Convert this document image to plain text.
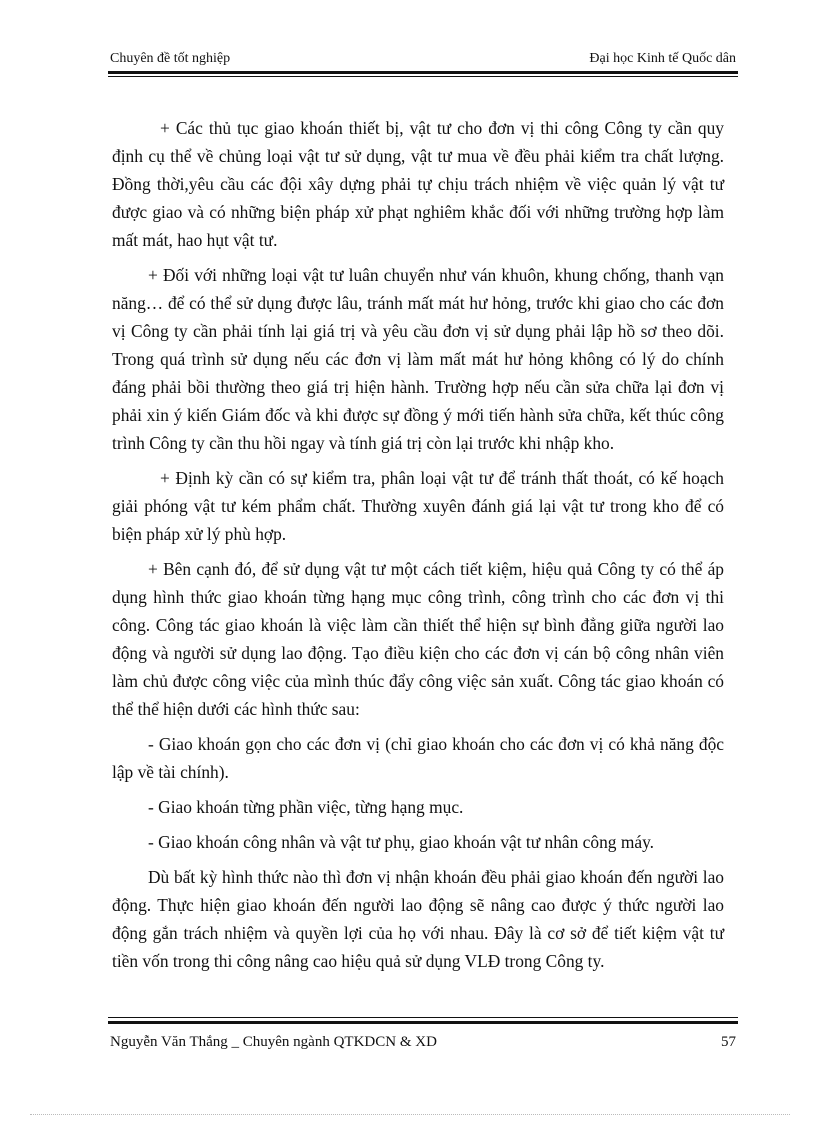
Chuyên đề tốt nghiệp	Đại học Kinh tế Quốc dân

+ Các thủ tục giao khoán thiết bị, vật tư cho đơn vị thi công Công ty cần quy định cụ thể về chủng loại vật tư sử dụng, vật tư mua về đều phải kiểm tra chất lượng. Đồng thời,yêu cầu các đội xây dựng phải tự chịu trách nhiệm về việc quản lý vật tư được giao và có những biện pháp xử phạt nghiêm khắc đối với những trường hợp làm mất mát, hao hụt vật tư.

+ Đối với những loại vật tư luân chuyển như ván khuôn, khung chống, thanh vạn năng… để có thể sử dụng được lâu, tránh mất mát hư hỏng, trước khi giao cho các đơn vị Công ty cần phải tính lại giá trị và yêu cầu đơn vị sử dụng phải lập hồ sơ theo dõi. Trong quá trình sử dụng nếu các đơn vị làm mất mát hư hỏng không có lý do chính đáng phải bồi thường theo giá trị hiện hành. Trường hợp nếu cần sửa chữa lại đơn vị phải xin ý kiến Giám đốc và khi được sự đồng ý mới tiến hành sửa chữa, kết thúc công trình Công ty cần thu hồi ngay và tính giá trị còn lại trước khi nhập kho.

+ Định kỳ cần có sự kiểm tra, phân loại vật tư để tránh thất thoát, có kế hoạch giải phóng vật tư kém phẩm chất. Thường xuyên đánh giá lại vật tư trong kho để có biện pháp xử lý phù hợp.

+ Bên cạnh đó, để sử dụng vật tư một cách tiết kiệm, hiệu quả Công ty có thể áp dụng hình thức giao khoán từng hạng mục công trình, công trình cho các đơn vị thi công. Công tác giao khoán là việc làm cần thiết thể hiện sự bình đẳng giữa người lao động và người sử dụng lao động. Tạo điều kiện cho các đơn vị cán bộ công nhân viên làm chủ được công việc của mình thúc đẩy công việc sản xuất. Công tác giao khoán có thể thể hiện dưới các hình thức sau:

- Giao khoán gọn cho các đơn vị (chỉ giao khoán cho các đơn vị có khả năng độc lập về tài chính).

- Giao khoán từng phần việc, từng hạng mục.

- Giao khoán công nhân và vật tư phụ, giao khoán vật tư nhân công máy.

Dù bất kỳ hình thức nào thì đơn vị nhận khoán đều phải giao khoán đến người lao động. Thực hiện giao khoán đến người lao động sẽ nâng cao được ý thức người lao động gắn trách nhiệm và quyền lợi của họ với nhau. Đây là cơ sở để tiết kiệm vật tư tiền vốn trong thi công nâng cao hiệu quả sử dụng VLĐ trong Công ty.

Nguyễn Văn Thắng _ Chuyên ngành QTKDCN & XD	57
